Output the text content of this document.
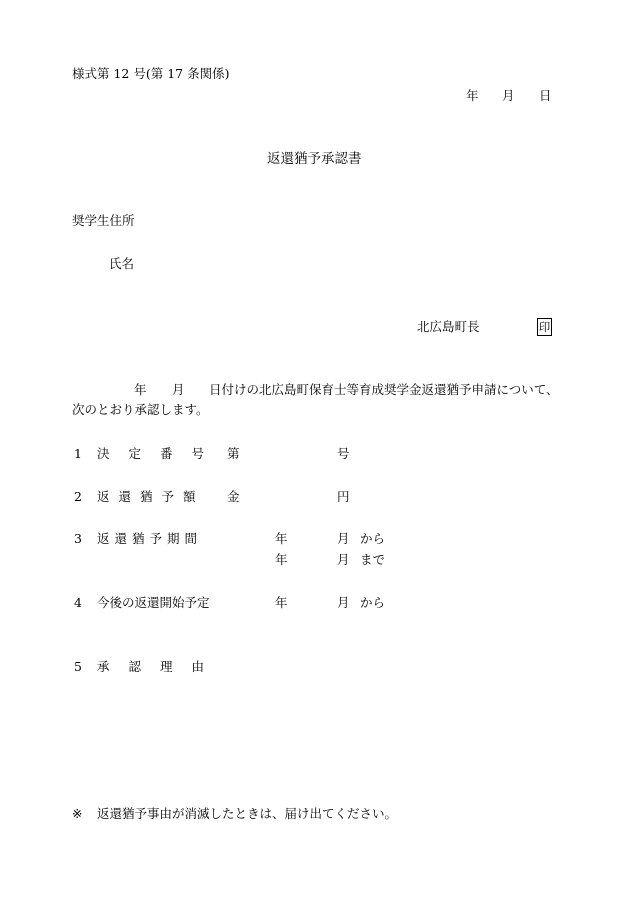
様式第 12 号(第 17 条関係)
年 月 日
返還猶予承認書
奨学生住所
氏名
北広島町長	印
年 月 日付けの北広島町保育士等育成奨学金返還猶予申請について、
次のとおり承認します。
1 決定番号 第	号
2 返還猶予額 金	円
3 返還猶予期間	年	月 から
年	月 まで
4 今後の返還開始予定	年	月 から
5 承認理由
※ 返還猶予事由が消滅したときは、届け出てください。
